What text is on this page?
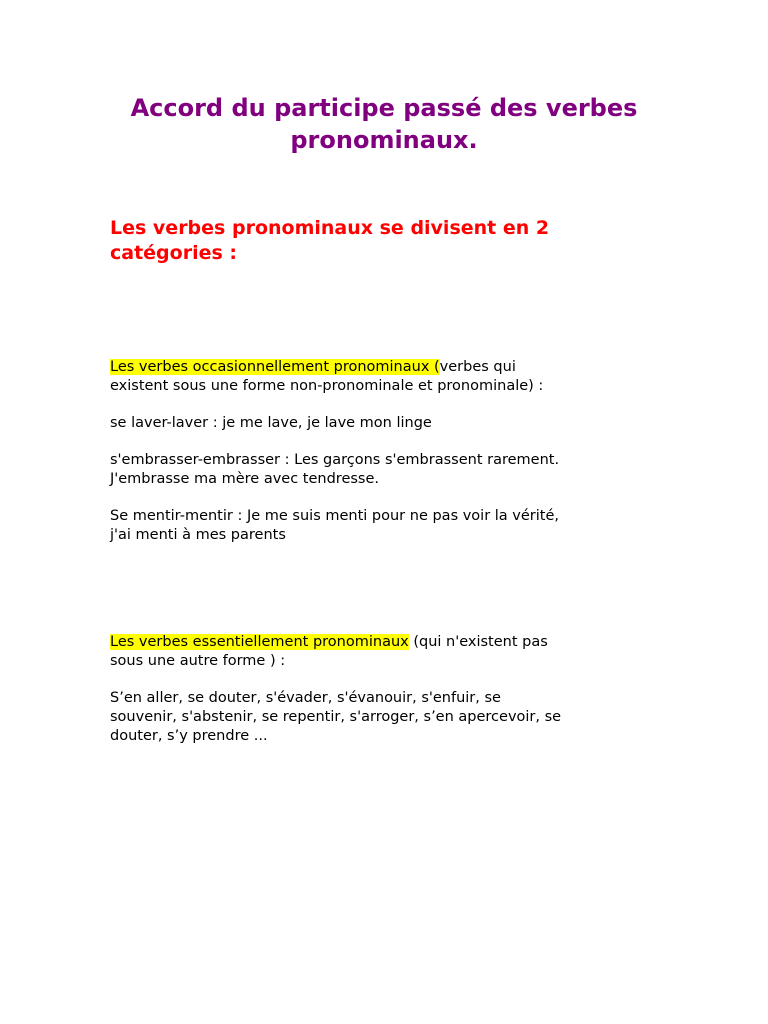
Accord du participe passé des verbes
pronominaux.
Les verbes pronominaux se divisent en 2
catégories :

Les verbes occasionnellement pronominaux (verbes qui
existent sous une forme non-pronominale et pronominale) :

se laver-laver : je me lave, je lave mon linge

s'embrasser-embrasser : Les garçons s'embrassent rarement.
J'embrasse ma mère avec tendresse.

Se mentir-mentir : Je me suis menti pour ne pas voir la vérité,
j'ai menti à mes parents

Les verbes essentiellement pronominaux (qui n'existent pas
sous une autre forme ) :

S’en aller, se douter, s'évader, s'évanouir, s'enfuir, se
souvenir, s'abstenir, se repentir, s'arroger, s’en apercevoir, se
douter, s’y prendre ...
